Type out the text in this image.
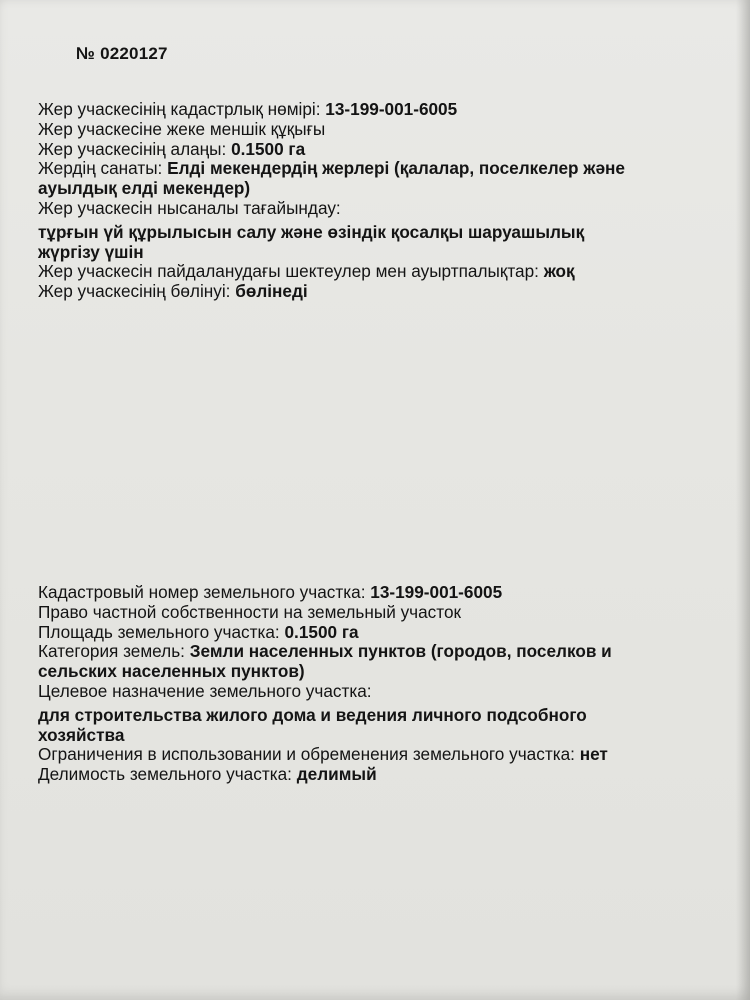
№ 0220127

Жер учаскесінің кадастрлық нөмірі: 13-199-001-6005

Жер учаскесіне жеке меншік құқығы

Жер учаскесінің алаңы: 0.1500 га

Жердің санаты: Елді мекендердің жерлері (қалалар, поселкелер және

ауылдық елді мекендер)

Жер учаскесін нысаналы тағайындау:

тұрғын үй құрылысын салу және өзіндік қосалқы шаруашылық

жүргізу үшін

Жер учаскесін пайдаланудағы шектеулер мен ауыртпалықтар: жоқ

Жер учаскесінің бөлінуі: бөлінеді

Кадастровый номер земельного участка: 13-199-001-6005

Право частной собственности на земельный участок

Площадь земельного участка: 0.1500 га

Категория земель: Земли населенных пунктов (городов, поселков и

сельских населенных пунктов)

Целевое назначение земельного участка:

для строительства жилого дома и ведения личного подсобного

хозяйства

Ограничения в использовании и обременения земельного участка: нет

Делимость земельного участка: делимый
